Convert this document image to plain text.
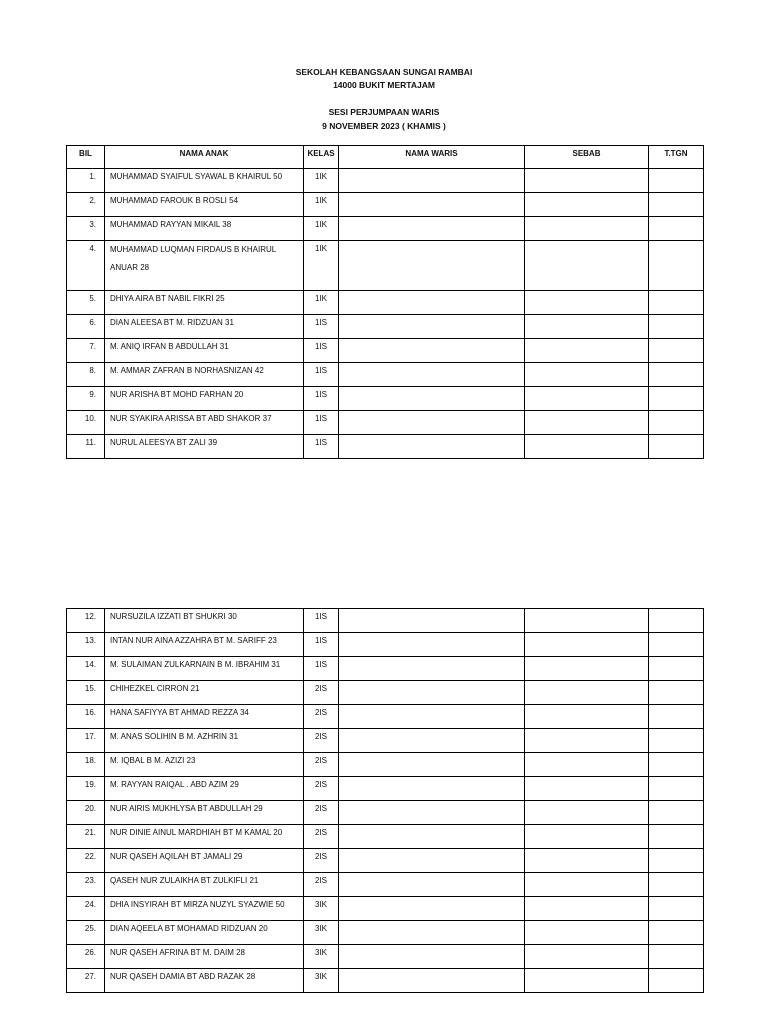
SEKOLAH KEBANGSAAN SUNGAI RAMBAI
14000 BUKIT MERTAJAM
SESI PERJUMPAAN WARIS
9 NOVEMBER 2023 ( KHAMIS )
BIL	NAMA ANAK	KELAS	NAMA WARIS	SEBAB	T.TGN
1.	MUHAMMAD SYAIFUL SYAWAL B KHAIRUL 50	1IK			
2.	MUHAMMAD FAROUK B ROSLI 54	1IK			
3.	MUHAMMAD RAYYAN MIKAIL 38	1IK			
4.	MUHAMMAD LUQMAN FIRDAUS B KHAIRUL
ANUAR 28	1IK			
5.	DHIYA AIRA BT NABIL FIKRI 25	1IK			
6.	DIAN ALEESA BT M. RIDZUAN 31	1IS			
7.	M. ANIQ IRFAN B ABDULLAH 31	1IS			
8.	M. AMMAR ZAFRAN B NORHASNIZAN 42	1IS			
9.	NUR ARISHA BT MOHD FARHAN 20	1IS			
10.	NUR SYAKIRA ARISSA BT ABD SHAKOR 37	1IS			
11.	NURUL ALEESYA BT ZALI 39	1IS			
12.	NURSUZILA IZZATI BT SHUKRI 30	1IS			
13.	INTAN NUR AINA AZZAHRA BT M. SARIFF 23	1IS			
14.	M. SULAIMAN ZULKARNAIN B M. IBRAHIM 31	1IS			
15.	CHIHEZKEL CIRRON 21	2IS			
16.	HANA SAFIYYA BT AHMAD REZZA 34	2IS			
17.	M. ANAS SOLIHIN B M. AZHRIN 31	2IS			
18.	M. IQBAL B M. AZIZI 23	2IS			
19.	M. RAYYAN RAIQAL . ABD AZIM 29	2IS			
20.	NUR AIRIS MUKHLYSA BT ABDULLAH 29	2IS			
21.	NUR DINIE AINUL MARDHIAH BT M KAMAL 20	2IS			
22.	NUR QASEH AQILAH BT JAMALI 29	2IS			
23.	QASEH NUR ZULAIKHA BT ZULKIFLI 21	2IS			
24.	DHIA INSYIRAH BT MIRZA NUZYL SYAZWIE 50	3IK			
25.	DIAN AQEELA BT MOHAMAD RIDZUAN 20	3IK			
26.	NUR QASEH AFRINA BT M. DAIM 28	3IK			
27.	NUR QASEH DAMIA BT ABD RAZAK 28	3IK			
